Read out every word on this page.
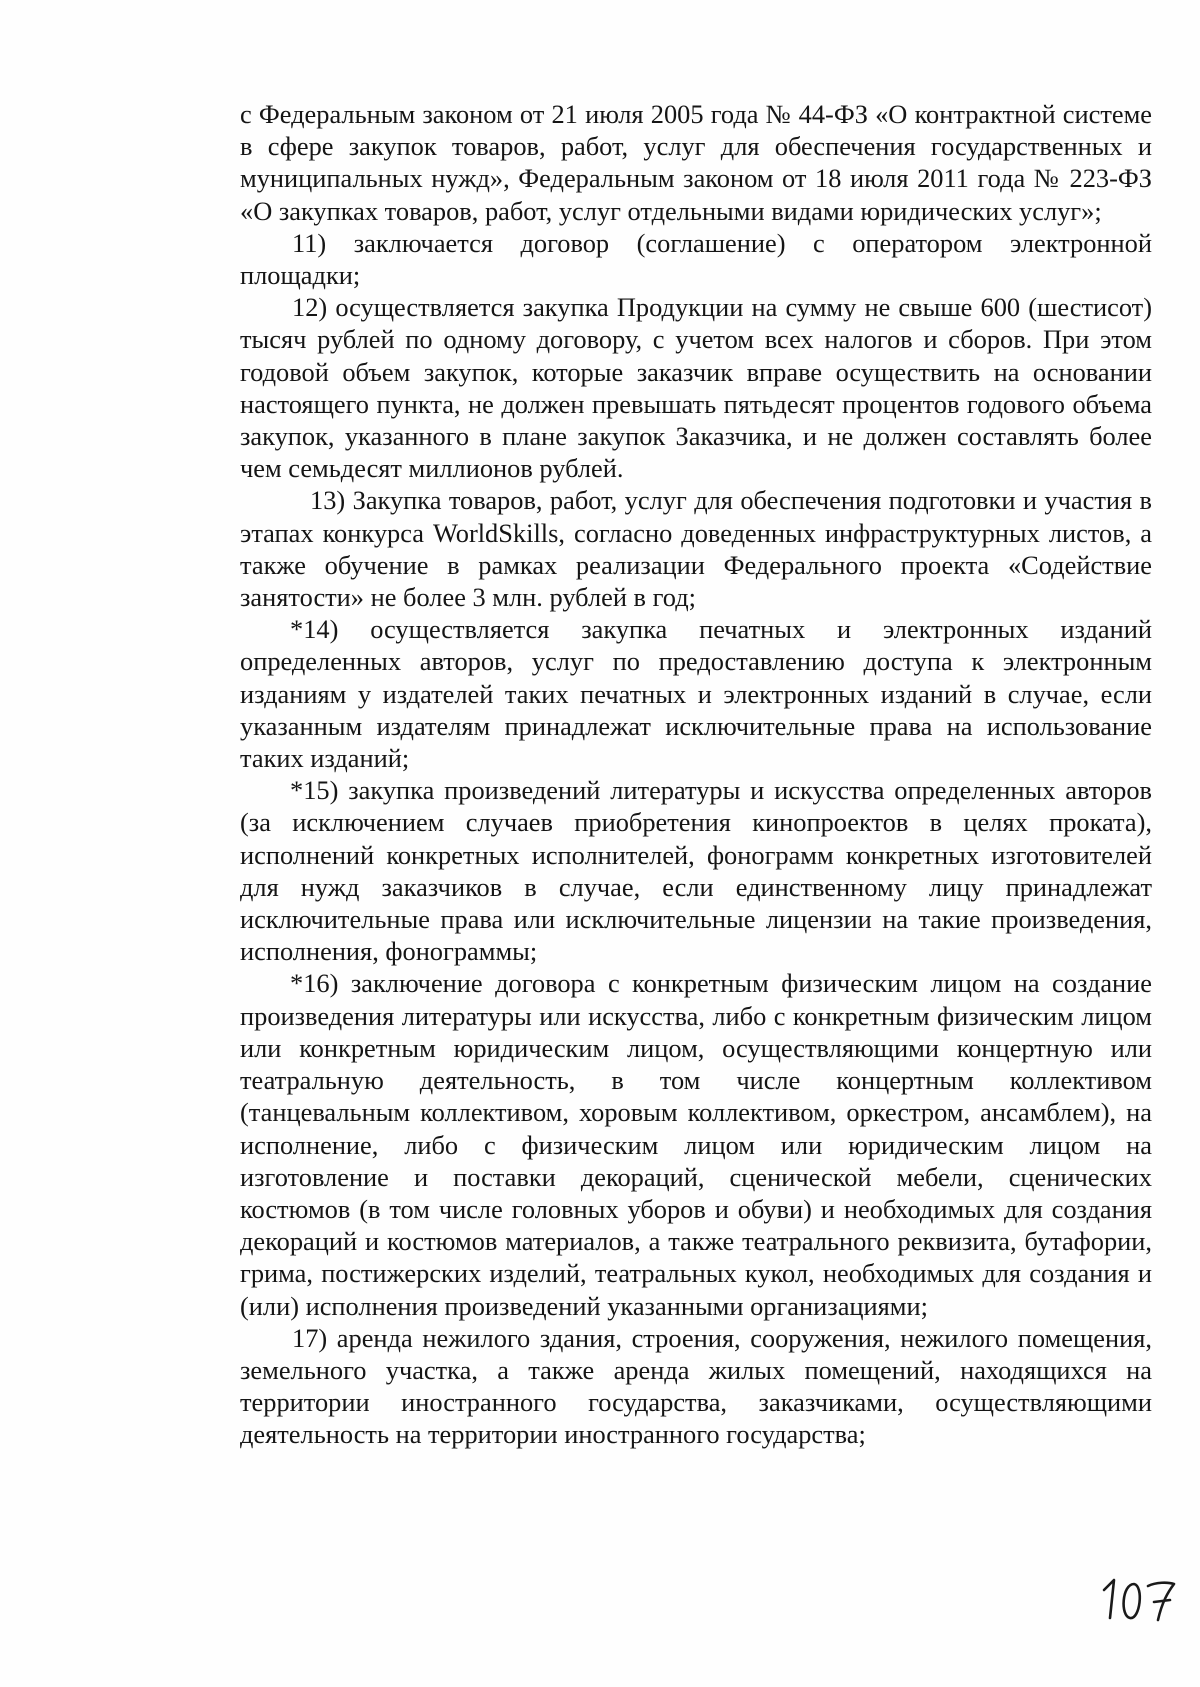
с Федеральным законом от 21 июля 2005 года № 44-ФЗ «О контрактной системе в сфере закупок товаров, работ, услуг для обеспечения государственных и муниципальных нужд», Федеральным законом от 18 июля 2011 года № 223-ФЗ «О закупках товаров, работ, услуг отдельными видами юридических услуг»;

11) заключается договор (соглашение) с оператором электронной площадки;

12) осуществляется закупка Продукции на сумму не свыше 600 (шестисот) тысяч рублей по одному договору, с учетом всех налогов и сборов. При этом годовой объем закупок, которые заказчик вправе осуществить на основании настоящего пункта, не должен превышать пятьдесят процентов годового объема закупок, указанного в плане закупок Заказчика, и не должен составлять более чем семьдесят миллионов рублей.

13) Закупка товаров, работ, услуг для обеспечения подготовки и участия в этапах конкурса WorldSkills, согласно доведенных инфраструктурных листов, а также обучение в рамках реализации Федерального проекта «Содействие занятости» не более 3 млн. рублей в год;

*14) осуществляется закупка печатных и электронных изданий определенных авторов, услуг по предоставлению доступа к электронным изданиям у издателей таких печатных и электронных изданий в случае, если указанным издателям принадлежат исключительные права на использование таких изданий;

*15) закупка произведений литературы и искусства определенных авторов (за исключением случаев приобретения кинопроектов в целях проката), исполнений конкретных исполнителей, фонограмм конкретных изготовителей для нужд заказчиков в случае, если единственному лицу принадлежат исключительные права или исключительные лицензии на такие произведения, исполнения, фонограммы;

*16) заключение договора с конкретным физическим лицом на создание произведения литературы или искусства, либо с конкретным физическим лицом или конкретным юридическим лицом, осуществляющими концертную или театральную деятельность, в том числе концертным коллективом (танцевальным коллективом, хоровым коллективом, оркестром, ансамблем), на исполнение, либо с физическим лицом или юридическим лицом на изготовление и поставки декораций, сценической мебели, сценических костюмов (в том числе головных уборов и обуви) и необходимых для создания декораций и костюмов материалов, а также театрального реквизита, бутафории, грима, постижерских изделий, театральных кукол, необходимых для создания и (или) исполнения произведений указанными организациями;

17) аренда нежилого здания, строения, сооружения, нежилого помещения, земельного участка, а также аренда жилых помещений, находящихся на территории иностранного государства, заказчиками, осуществляющими деятельность на территории иностранного государства;
